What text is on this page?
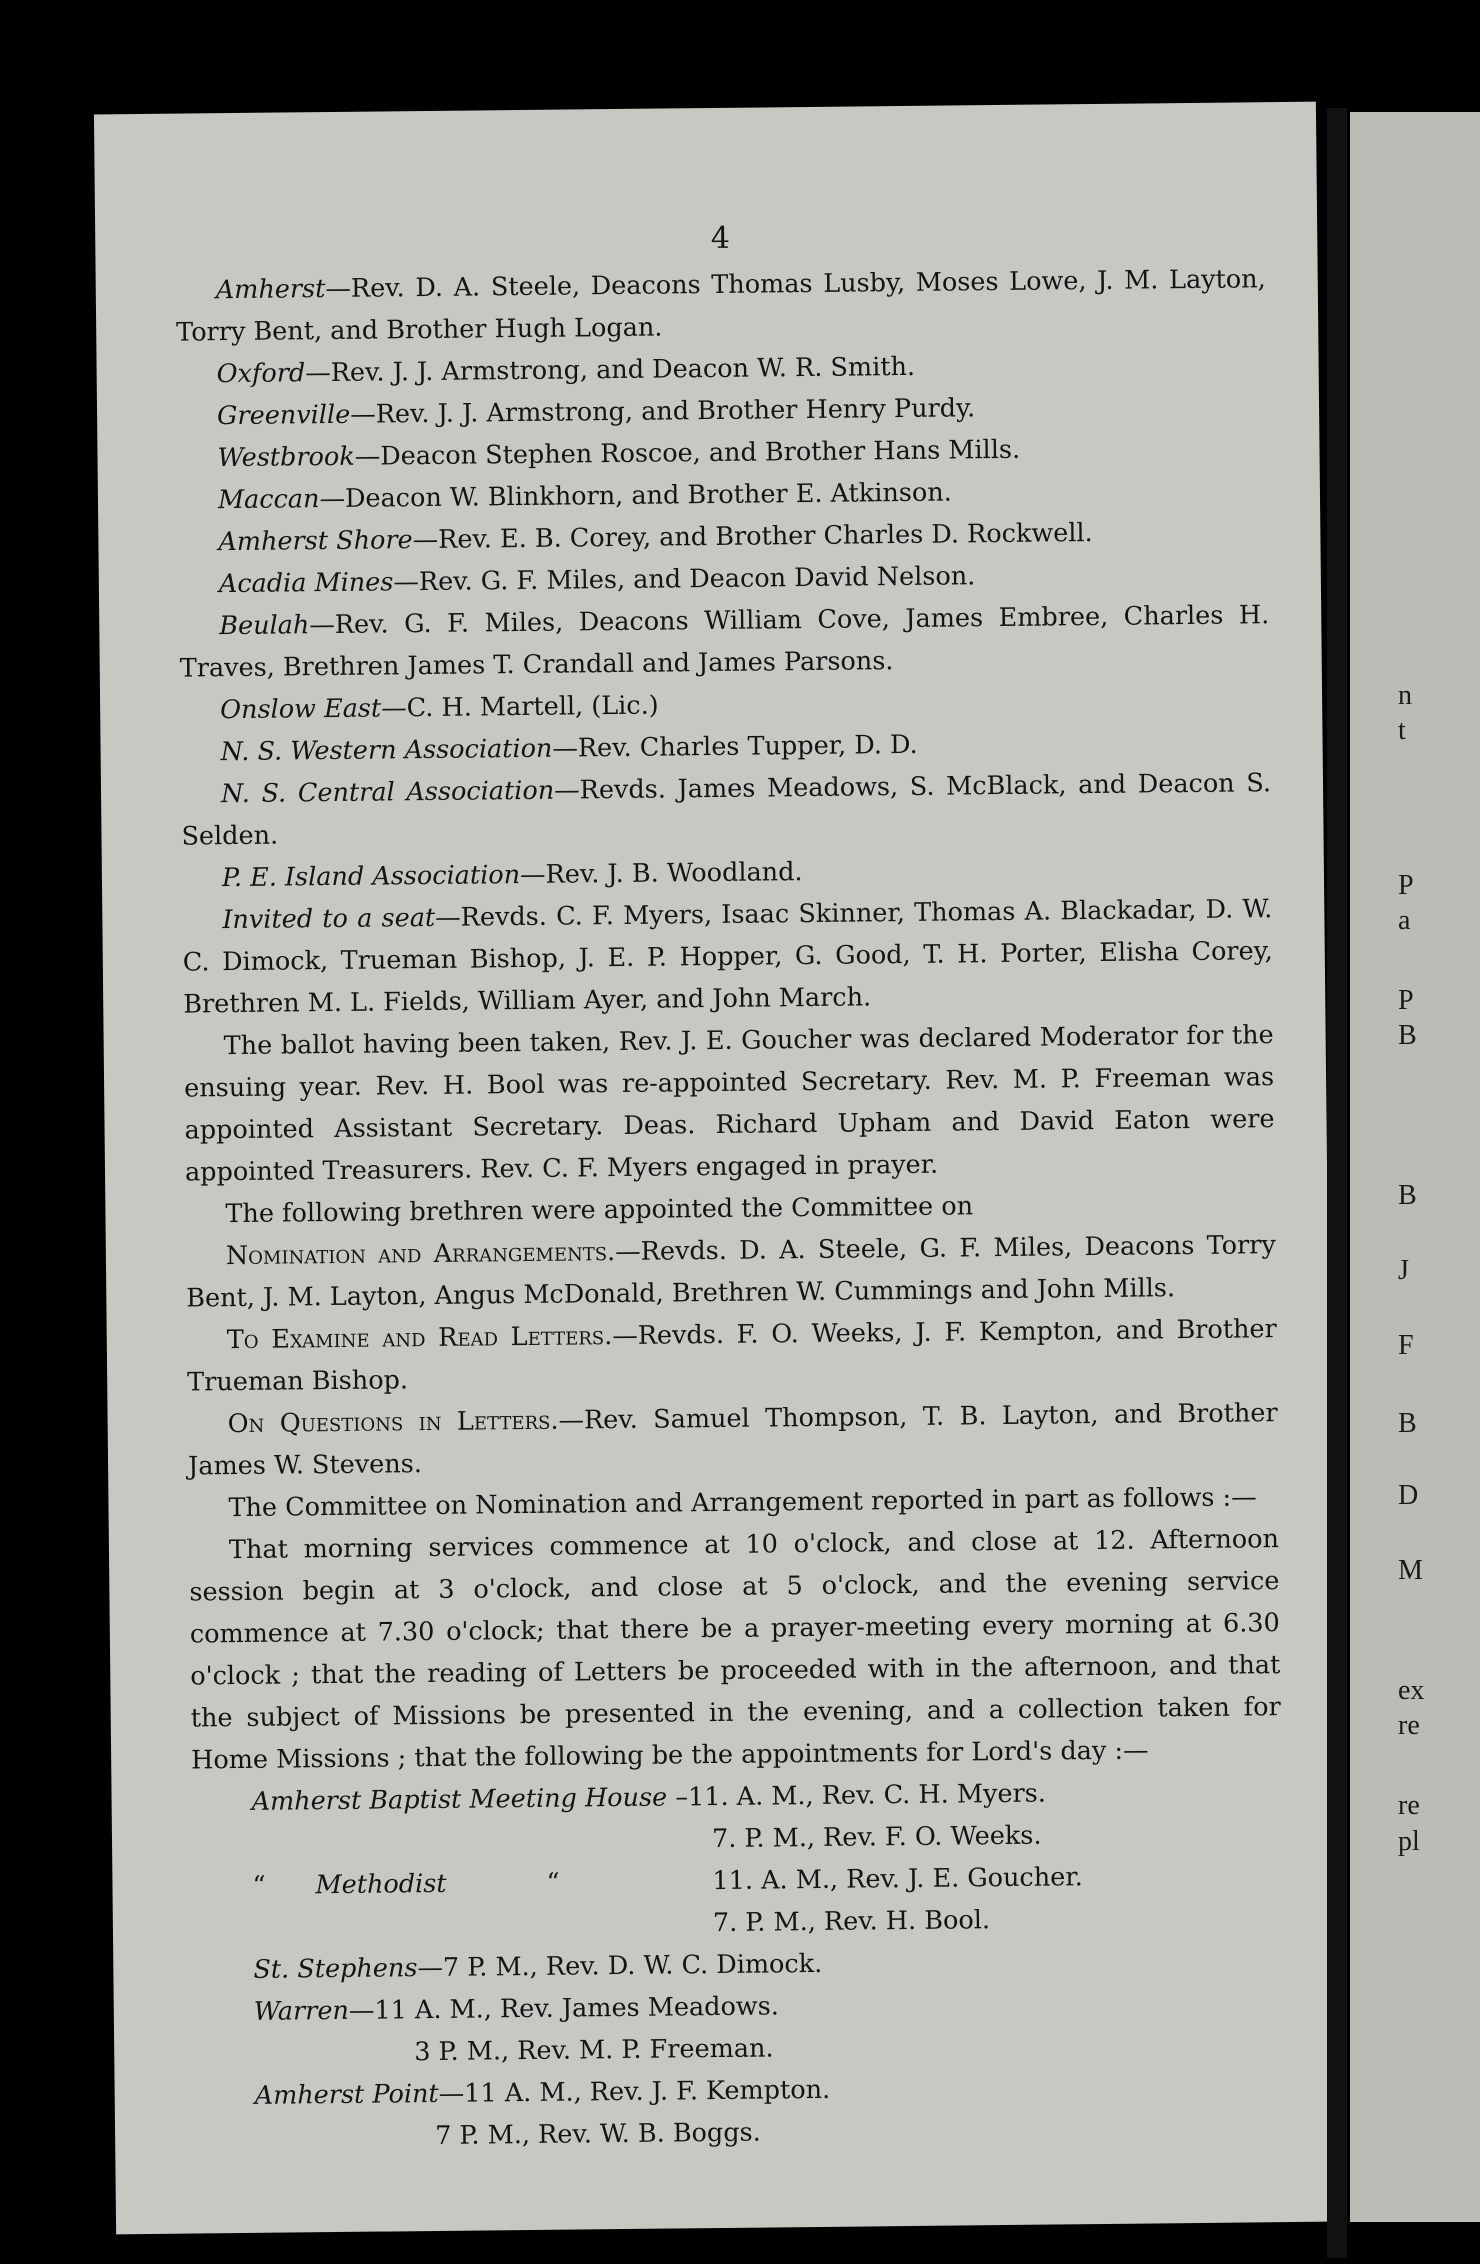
4

Amherst—Rev. D. A. Steele, Deacons Thomas Lusby, Moses Lowe, J. M. Layton, Torry Bent, and Brother Hugh Logan.

Oxford—Rev. J. J. Armstrong, and Deacon W. R. Smith.

Greenville—Rev. J. J. Armstrong, and Brother Henry Purdy.

Westbrook—Deacon Stephen Roscoe, and Brother Hans Mills.

Maccan—Deacon W. Blinkhorn, and Brother E. Atkinson.

Amherst Shore—Rev. E. B. Corey, and Brother Charles D. Rockwell.

Acadia Mines—Rev. G. F. Miles, and Deacon David Nelson.

Beulah—Rev. G. F. Miles, Deacons William Cove, James Embree, Charles H. Traves, Brethren James T. Crandall and James Parsons.

Onslow East—C. H. Martell, (Lic.)

N. S. Western Association—Rev. Charles Tupper, D. D.

N. S. Central Association—Revds. James Meadows, S. McBlack, and Deacon S. Selden.

P. E. Island Association—Rev. J. B. Woodland.

Invited to a seat—Revds. C. F. Myers, Isaac Skinner, Thomas A. Blackadar, D. W. C. Dimock, Trueman Bishop, J. E. P. Hopper, G. Good, T. H. Porter, Elisha Corey, Brethren M. L. Fields, William Ayer, and John March.

The ballot having been taken, Rev. J. E. Goucher was declared Moderator for the ensuing year. Rev. H. Bool was re-appointed Secretary. Rev. M. P. Freeman was appointed Assistant Secretary. Deas. Richard Upham and David Eaton were appointed Treasurers. Rev. C. F. Myers engaged in prayer.

The following brethren were appointed the Committee on

Nomination and Arrangements.—Revds. D. A. Steele, G. F. Miles, Deacons Torry Bent, J. M. Layton, Angus McDonald, Brethren W. Cummings and John Mills.

To Examine and Read Letters.—Revds. F. O. Weeks, J. F. Kempton, and Brother Trueman Bishop.

On Questions in Letters.—Rev. Samuel Thompson, T. B. Layton, and Brother James W. Stevens.

The Committee on Nomination and Arrangement reported in part as follows :—

That morning services commence at 10 o'clock, and close at 12. Afternoon session begin at 3 o'clock, and close at 5 o'clock, and the evening service commence at 7.30 o'clock; that there be a prayer-meeting every morning at 6.30 o'clock ; that the reading of Letters be proceeded with in the afternoon, and that the subject of Missions be presented in the evening, and a collection taken for Home Missions ; that the following be the appointments for Lord's day :—

Amherst Baptist Meeting House –11. A. M., Rev. C. H. Myers.

7. P. M., Rev. F. O. Weeks.

“ Methodist	“	11. A. M., Rev. J. E. Goucher.

7. P. M., Rev. H. Bool.

St. Stephens—7 P. M., Rev. D. W. C. Dimock.

Warren—11 A. M., Rev. James Meadows.

3 P. M., Rev. M. P. Freeman.

Amherst Point—11 A. M., Rev. J. F. Kempton.

7 P. M., Rev. W. B. Boggs.

n
t
P
a
P
B
B
J
F
B
D
M
ex
re
re
pl
